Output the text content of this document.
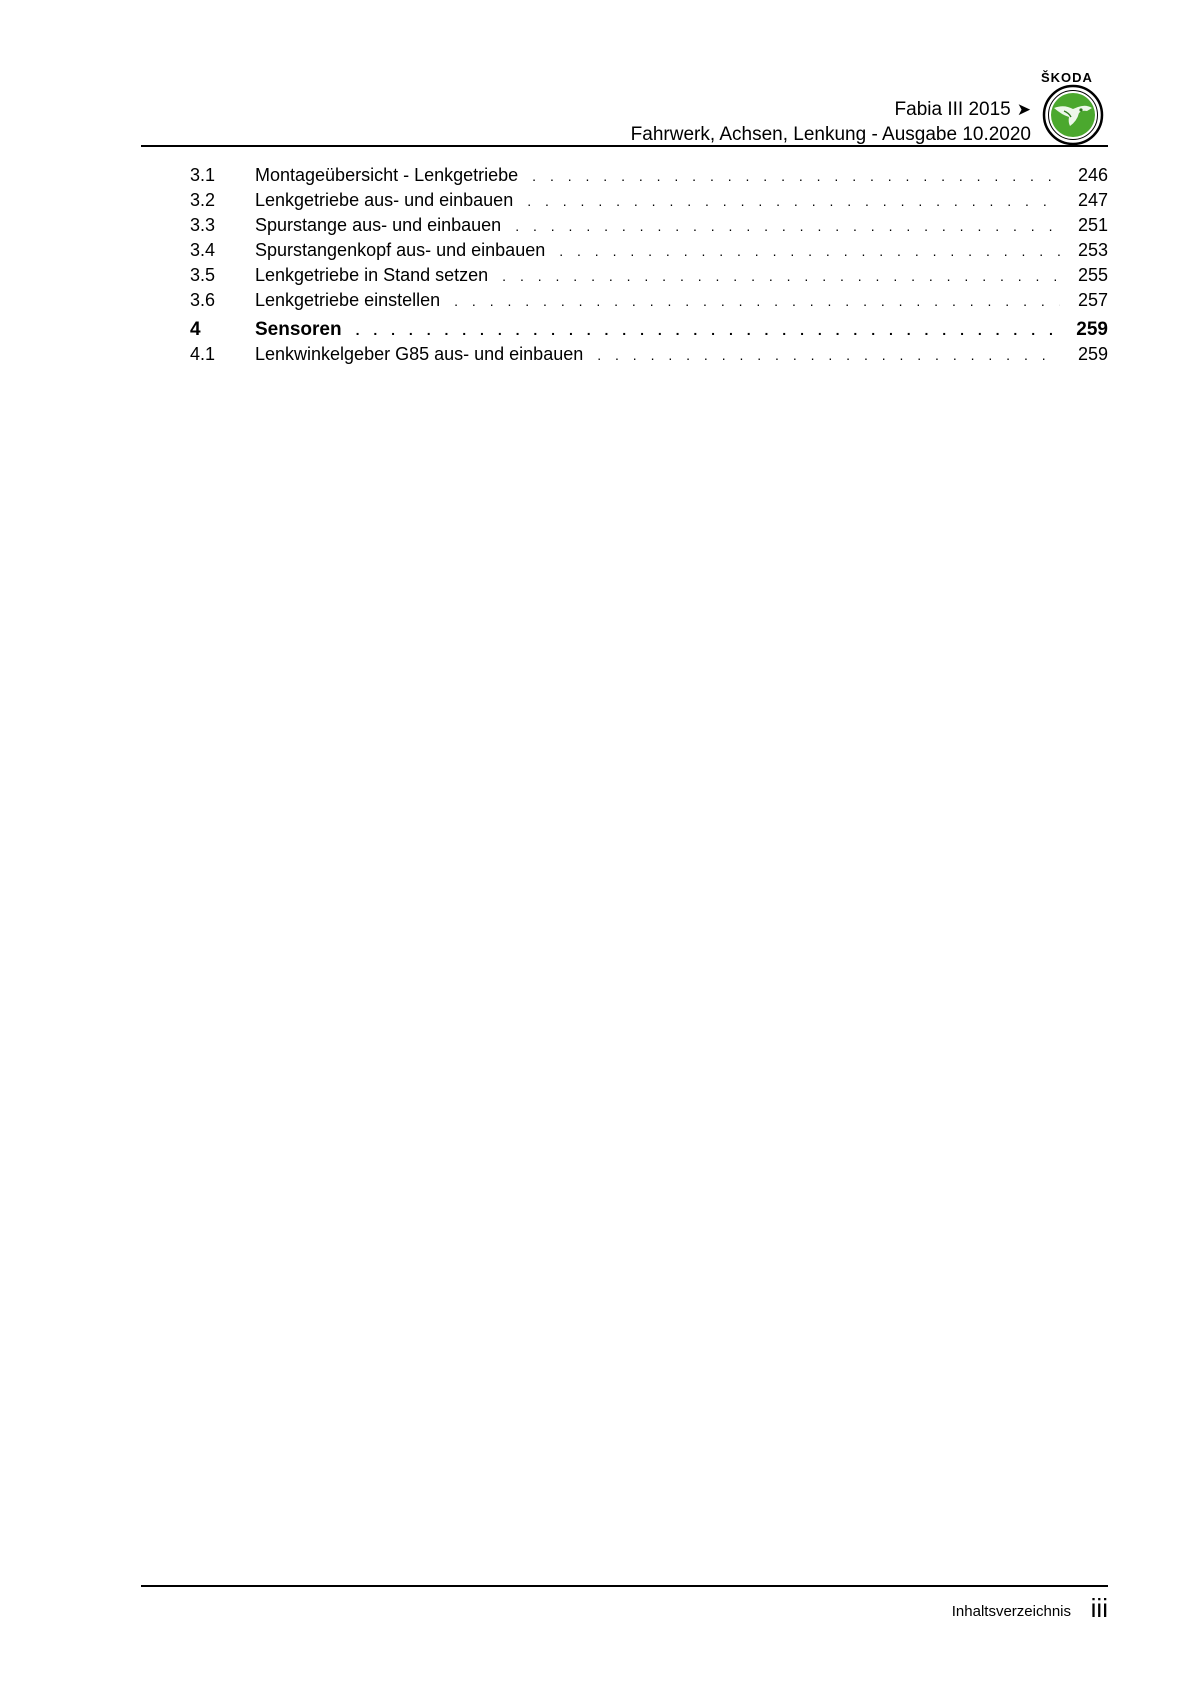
Fabia III 2015 ➤
Fahrwerk, Achsen, Lenkung - Ausgabe 10.2020
ŠKODA
3.1	Montageübersicht - Lenkgetriebe . . .	246
3.2	Lenkgetriebe aus- und einbauen . . .	247
3.3	Spurstange aus- und einbauen . . .	251
3.4	Spurstangenkopf aus- und einbauen . . .	253
3.5	Lenkgetriebe in Stand setzen . . .	255
3.6	Lenkgetriebe einstellen . . .	257
4	Sensoren . . .	259
4.1	Lenkwinkelgeber G85 aus- und einbauen . . .	259
Inhaltsverzeichnis iii
